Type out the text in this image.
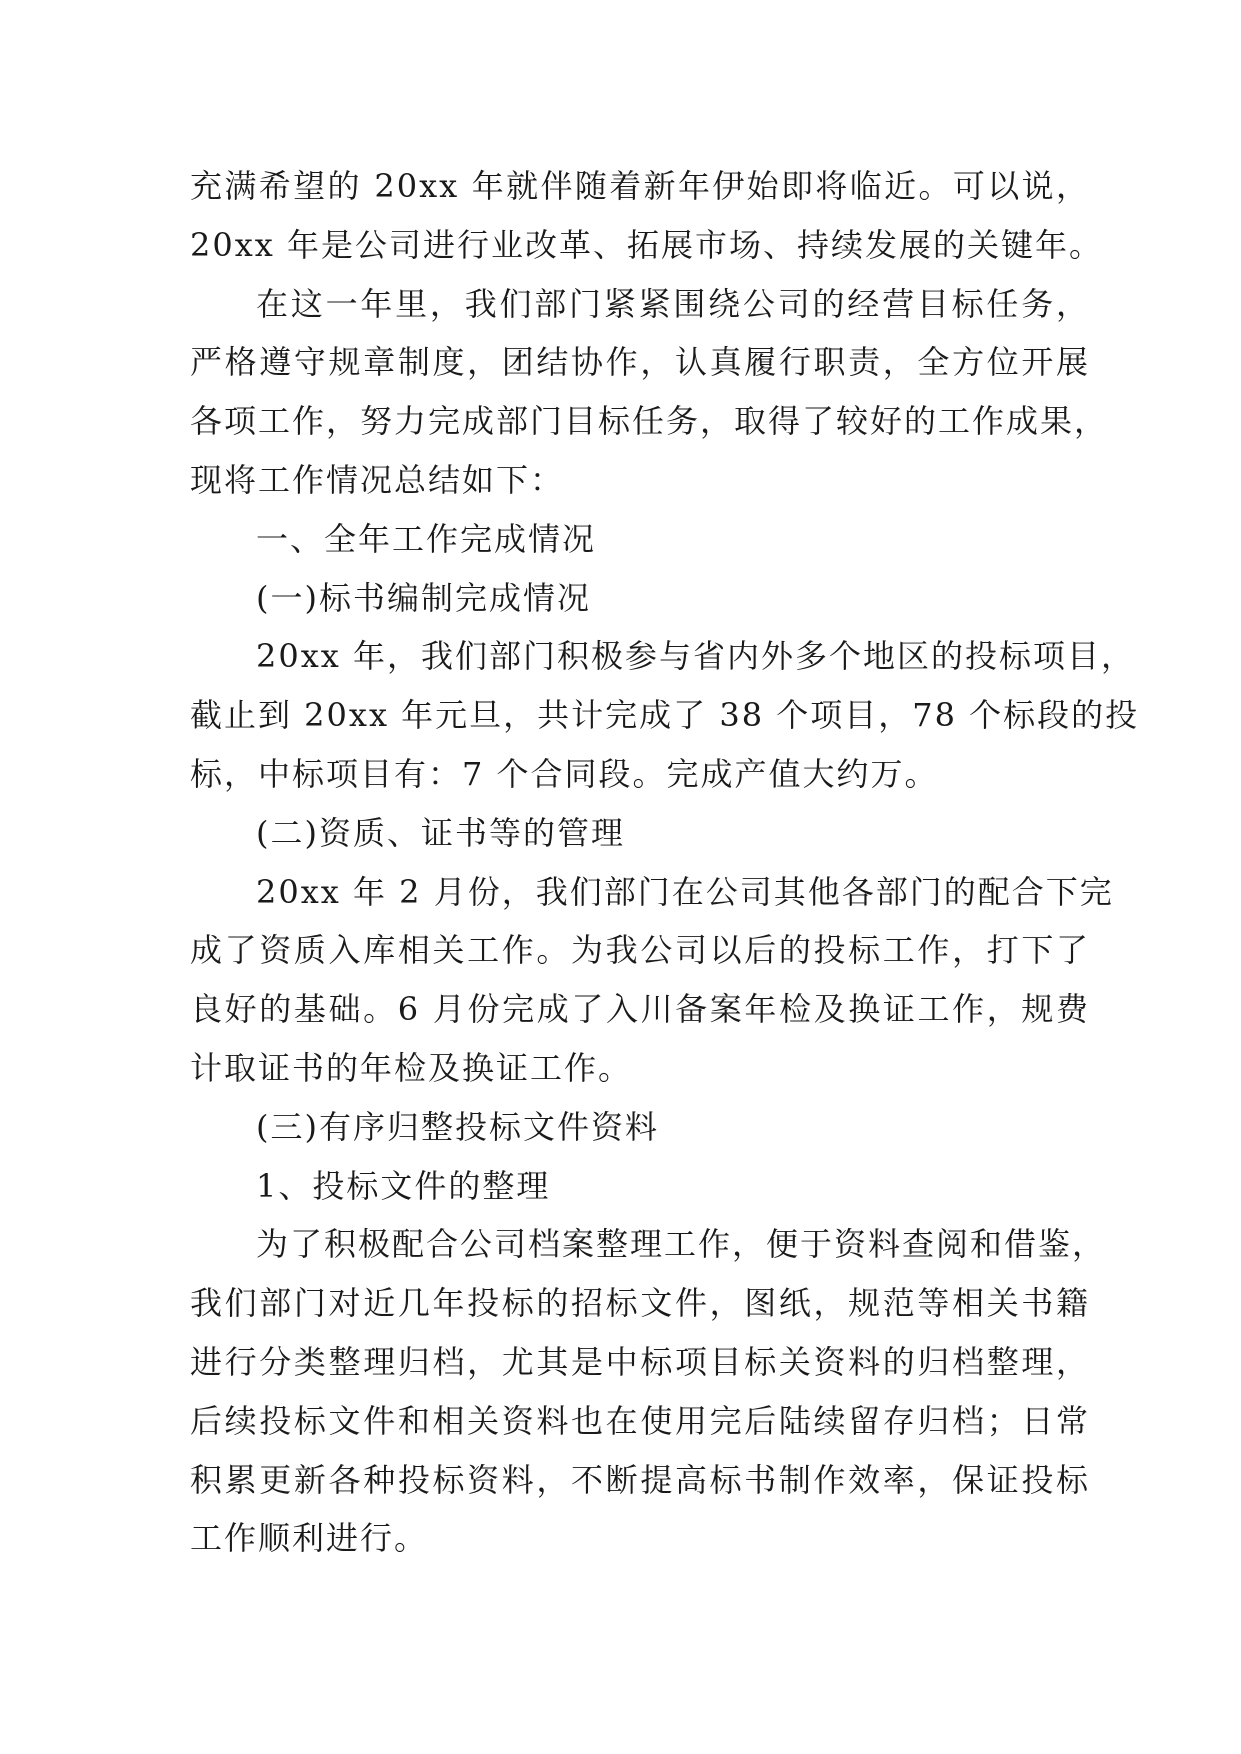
充满希望的 20xx 年就伴随着新年伊始即将临近。可以说，
20xx 年是公司进行业改革、拓展市场、持续发展的关键年。
在这一年里，我们部门紧紧围绕公司的经营目标任务，
严格遵守规章制度，团结协作，认真履行职责，全方位开展
各项工作，努力完成部门目标任务，取得了较好的工作成果，
现将工作情况总结如下：
一、全年工作完成情况
(一)标书编制完成情况
20xx 年，我们部门积极参与省内外多个地区的投标项目，
截止到 20xx 年元旦，共计完成了 38 个项目，78 个标段的投
标，中标项目有：7 个合同段。完成产值大约万。
(二)资质、证书等的管理
20xx 年 2 月份，我们部门在公司其他各部门的配合下完
成了资质入库相关工作。为我公司以后的投标工作，打下了
良好的基础。6 月份完成了入川备案年检及换证工作，规费
计取证书的年检及换证工作。
(三)有序归整投标文件资料
1、投标文件的整理
为了积极配合公司档案整理工作，便于资料查阅和借鉴，
我们部门对近几年投标的招标文件，图纸，规范等相关书籍
进行分类整理归档，尤其是中标项目标关资料的归档整理，
后续投标文件和相关资料也在使用完后陆续留存归档；日常
积累更新各种投标资料，不断提高标书制作效率，保证投标
工作顺利进行。
